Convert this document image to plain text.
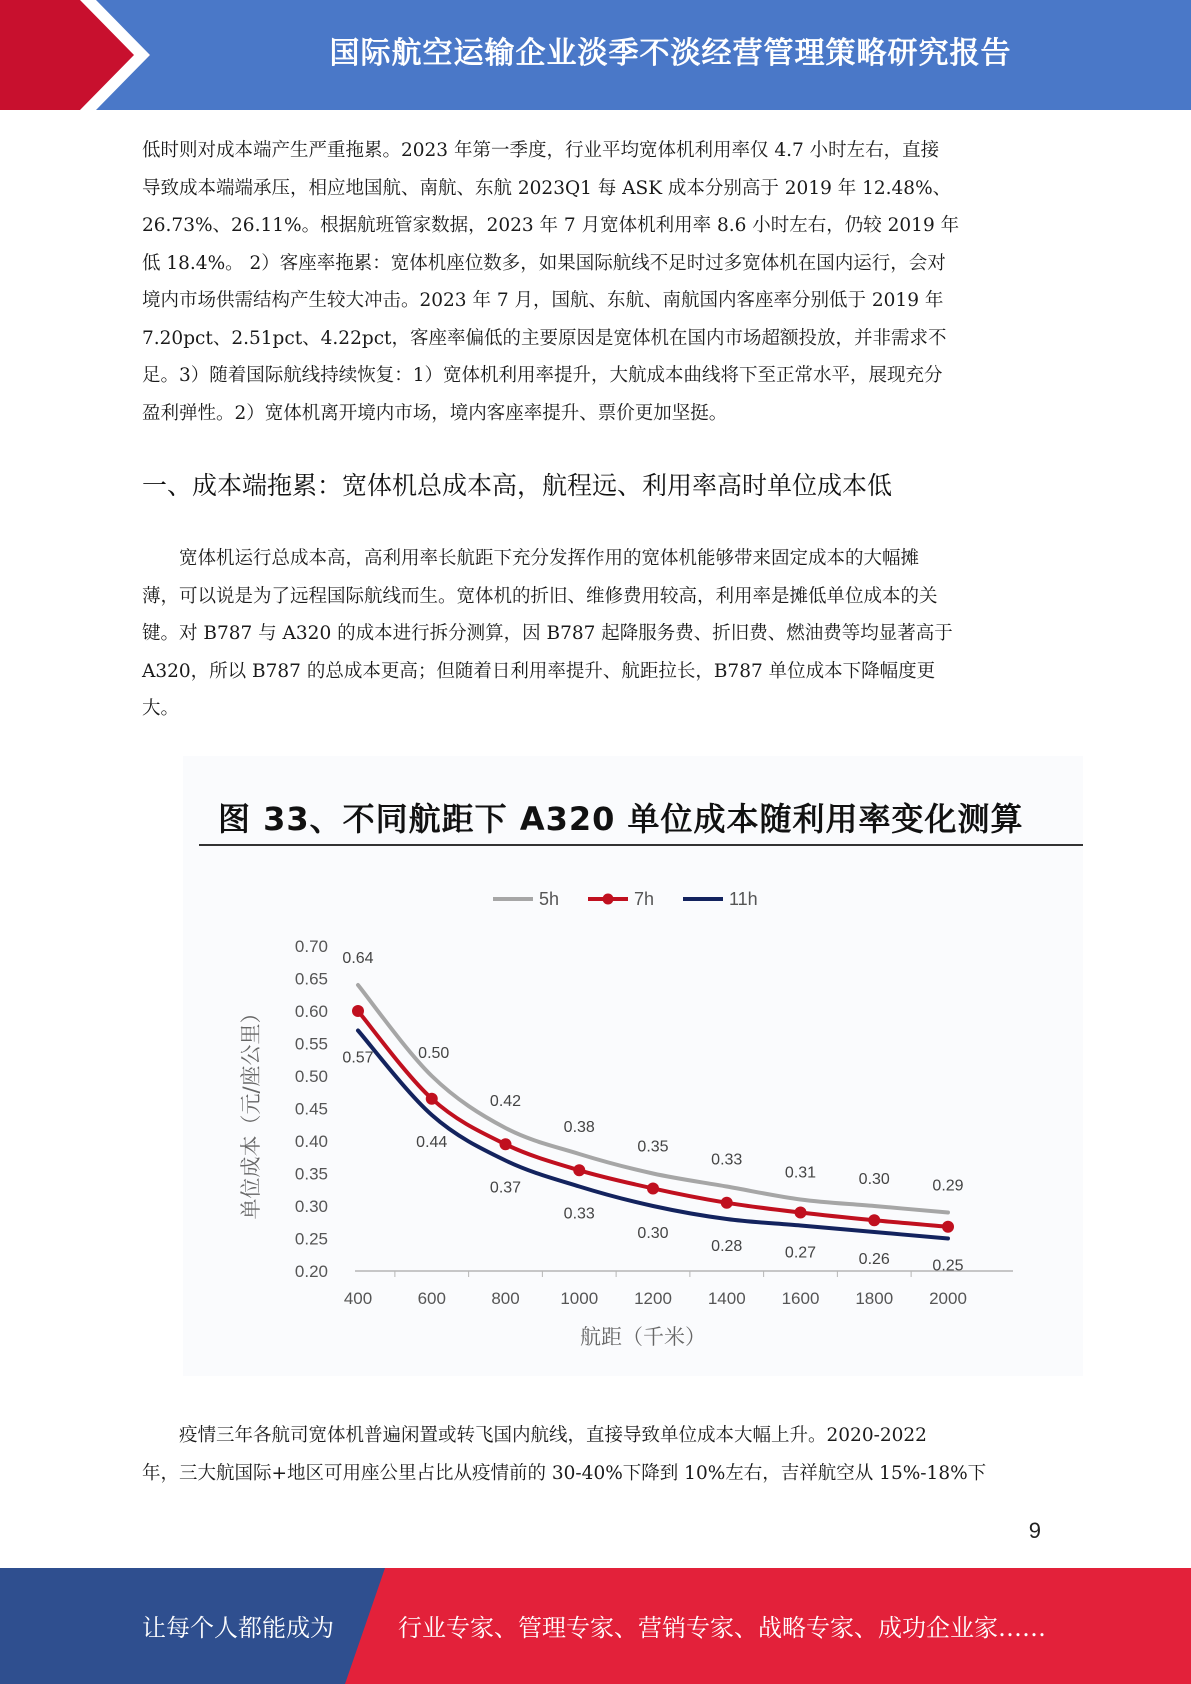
国际航空运输企业淡季不淡经营管理策略研究报告

低时则对成本端产生严重拖累。2023 年第一季度，行业平均宽体机利用率仅 4.7 小时左右，直接

导致成本端端承压，相应地国航、南航、东航 2023Q1 每 ASK 成本分别高于 2019 年 12.48%、

26.73%、26.11%。根据航班管家数据，2023 年 7 月宽体机利用率 8.6 小时左右，仍较 2019 年

低 18.4%。 2）客座率拖累：宽体机座位数多，如果国际航线不足时过多宽体机在国内运行，会对

境内市场供需结构产生较大冲击。2023 年 7 月，国航、东航、南航国内客座率分别低于 2019 年

7.20pct、2.51pct、4.22pct，客座率偏低的主要原因是宽体机在国内市场超额投放，并非需求不

足。3）随着国际航线持续恢复：1）宽体机利用率提升，大航成本曲线将下至正常水平，展现充分

盈利弹性。2）宽体机离开境内市场，境内客座率提升、票价更加坚挺。

一、成本端拖累：宽体机总成本高，航程远、利用率高时单位成本低

宽体机运行总成本高，高利用率长航距下充分发挥作用的宽体机能够带来固定成本的大幅摊

薄，可以说是为了远程国际航线而生。宽体机的折旧、维修费用较高，利用率是摊低单位成本的关

键。对 B787 与 A320 的成本进行拆分测算，因 B787 起降服务费、折旧费、燃油费等均显著高于

A320，所以 B787 的总成本更高；但随着日利用率提升、航距拉长，B787 单位成本下降幅度更

大。

图 33、不同航距下 A320 单位成本随利用率变化测算
0.20
0.25
0.30
0.35
0.40
0.45
0.50
0.55
0.60
0.65
0.70
400	600	800 1000 1200 1400 1600 1800 2000
航距（千米）
单位成本（元/座公里）
0.64
0.50
0.42
0.38
0.35
0.33
0.31	0.30	0.29
0.57
0.44
0.37
0.33
0.30
0.28	0.27	0.26	0.25
5h	7h	11h

疫情三年各航司宽体机普遍闲置或转飞国内航线，直接导致单位成本大幅上升。2020-2022

年，三大航国际+地区可用座公里占比从疫情前的 30-40%下降到 10%左右，吉祥航空从 15%-18%下

9
让每个人都能成为	行业专家、管理专家、营销专家、战略专家、成功企业家……
